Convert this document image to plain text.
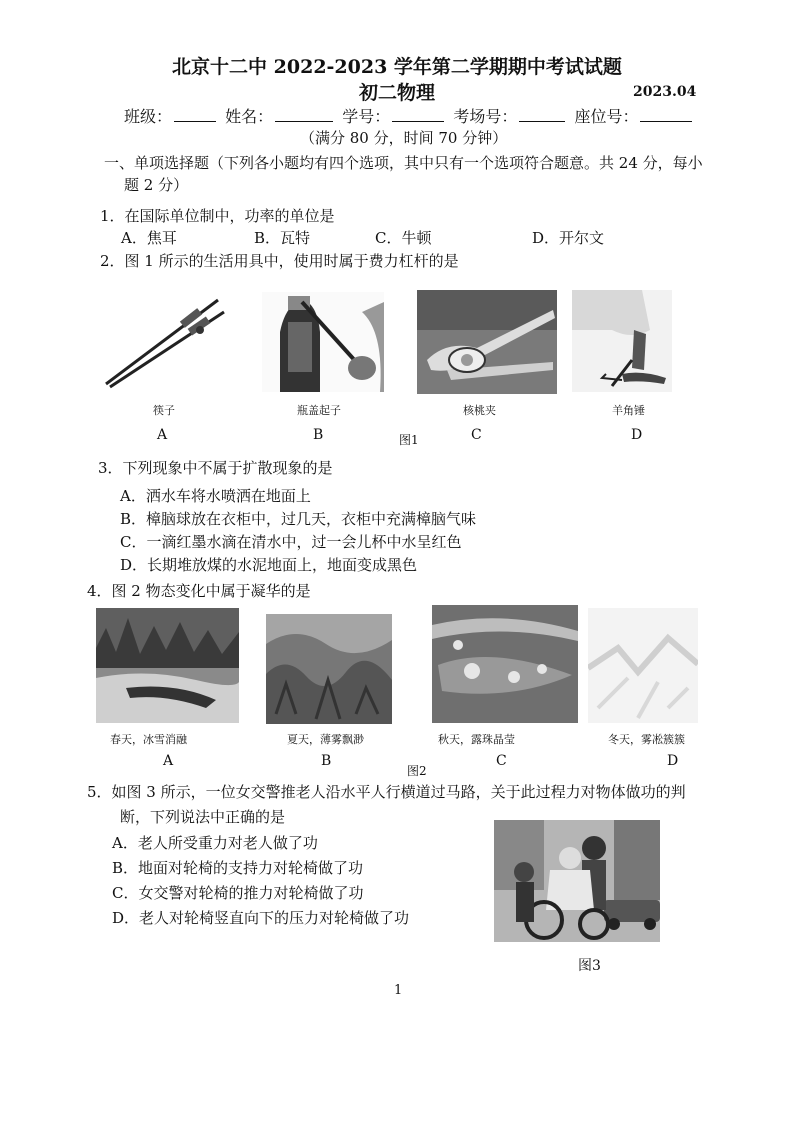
北京十二中 2022-2023 学年第二学期期中考试试题
初二物理	2023.04
班级：	姓名：	学号：	考场号：	座位号：
（满分 80 分，时间 70 分钟）
一、单项选择题（下列各小题均有四个选项，其中只有一个选项符合题意。共 24 分，每小
题 2 分）
1．在国际单位制中，功率的单位是
A．焦耳	B．瓦特	C．牛顿	D．开尔文
2．图 1 所示的生活用具中，使用时属于费力杠杆的是
筷子	瓶盖起子	核桃夹	羊角锤
A	B	图1	C	D
3．下列现象中不属于扩散现象的是
A．洒水车将水喷洒在地面上
B．樟脑球放在衣柜中，过几天，衣柜中充满樟脑气味
C．一滴红墨水滴在清水中，过一会儿杯中水呈红色
D．长期堆放煤的水泥地面上，地面变成黑色
4．图 2 物态变化中属于凝华的是
春天，冰雪消融	夏天，薄雾飘渺	秋天，露珠晶莹	冬天，雾凇簇簇
A	B
图2
C	D
5．如图 3 所示，一位女交警推老人沿水平人行横道过马路，关于此过程力对物体做功的判
断，下列说法中正确的是
A．老人所受重力对老人做了功
B．地面对轮椅的支持力对轮椅做了功
C．女交警对轮椅的推力对轮椅做了功
D．老人对轮椅竖直向下的压力对轮椅做了功
图3
1
